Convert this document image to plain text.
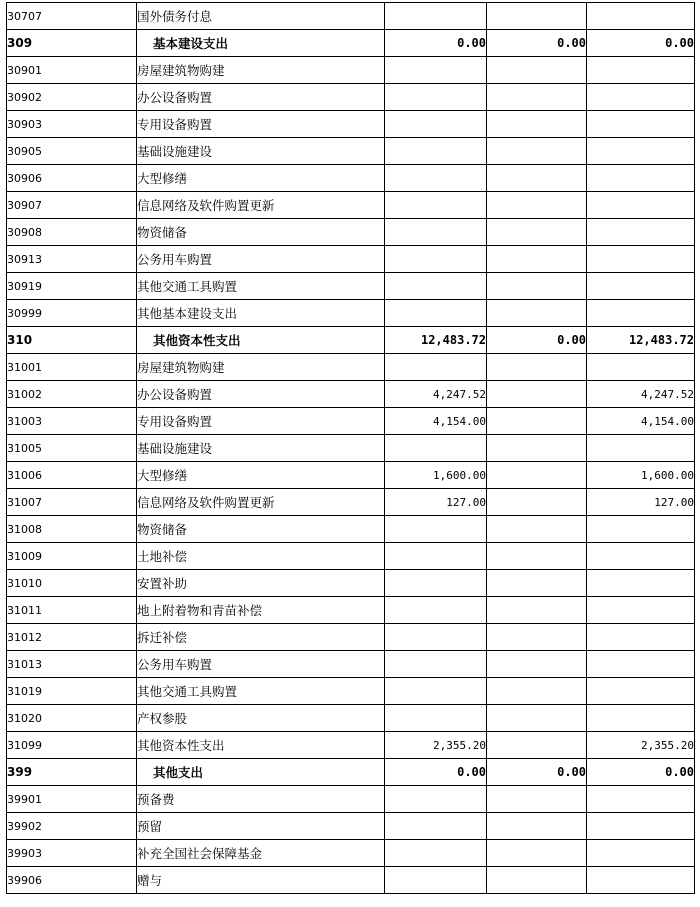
30707	国外债务付息			
309	基本建设支出	0.00	0.00	0.00
30901	房屋建筑物购建			
30902	办公设备购置			
30903	专用设备购置			
30905	基础设施建设			
30906	大型修缮			
30907	信息网络及软件购置更新			
30908	物资储备			
30913	公务用车购置			
30919	其他交通工具购置			
30999	其他基本建设支出			
310	其他资本性支出	12,483.72	0.00	12,483.72
31001	房屋建筑物购建			
31002	办公设备购置	4,247.52		4,247.52
31003	专用设备购置	4,154.00		4,154.00
31005	基础设施建设			
31006	大型修缮	1,600.00		1,600.00
31007	信息网络及软件购置更新	127.00		127.00
31008	物资储备			
31009	土地补偿			
31010	安置补助			
31011	地上附着物和青苗补偿			
31012	拆迁补偿			
31013	公务用车购置			
31019	其他交通工具购置			
31020	产权参股			
31099	其他资本性支出	2,355.20		2,355.20
399	其他支出	0.00	0.00	0.00
39901	预备费			
39902	预留			
39903	补充全国社会保障基金			
39906	赠与			
